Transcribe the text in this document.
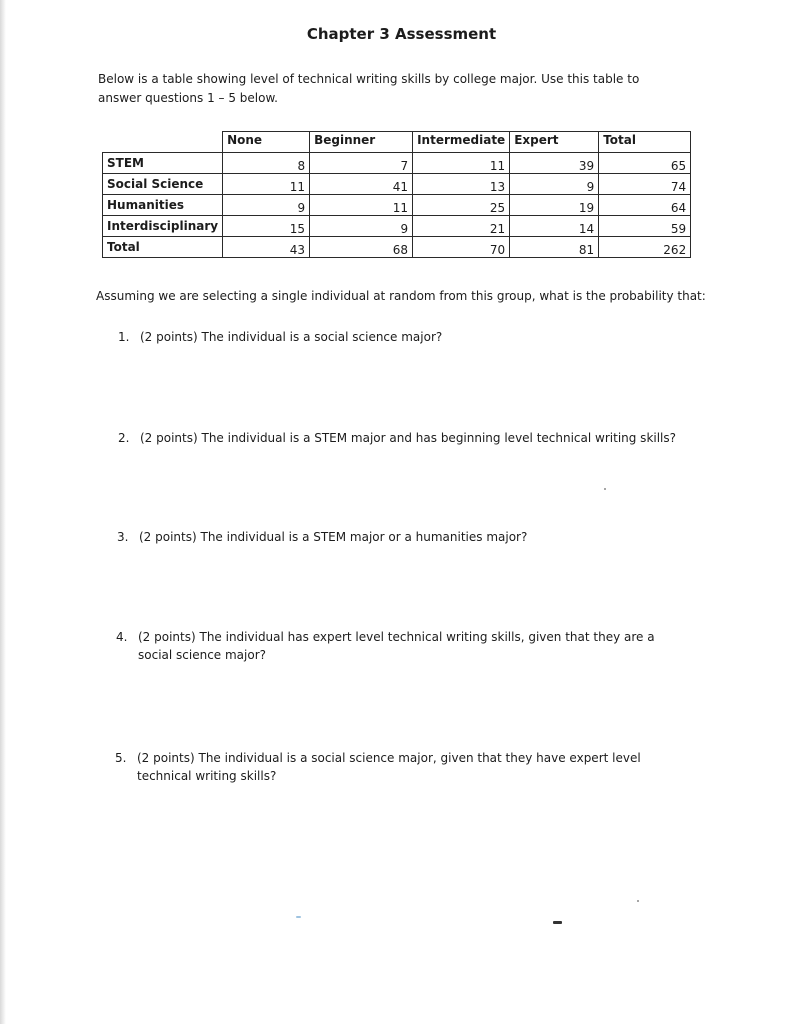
Chapter 3 Assessment
Below is a table showing level of technical writing skills by college major. Use this table to answer questions 1 – 5 below.
	None	Beginner	Intermediate	Expert	Total
STEM	8	7	11	39	65
Social Science	11	41	13	9	74
Humanities	9	11	25	19	64
Interdisciplinary	15	9	21	14	59
Total	43	68	70	81	262
Assuming we are selecting a single individual at random from this group, what is the probability that:
1. (2 points) The individual is a social science major?
2. (2 points) The individual is a STEM major and has beginning level technical writing skills?
3. (2 points) The individual is a STEM major or a humanities major?
4. (2 points) The individual has expert level technical writing skills, given that they are a social science major?
5. (2 points) The individual is a social science major, given that they have expert level technical writing skills?
